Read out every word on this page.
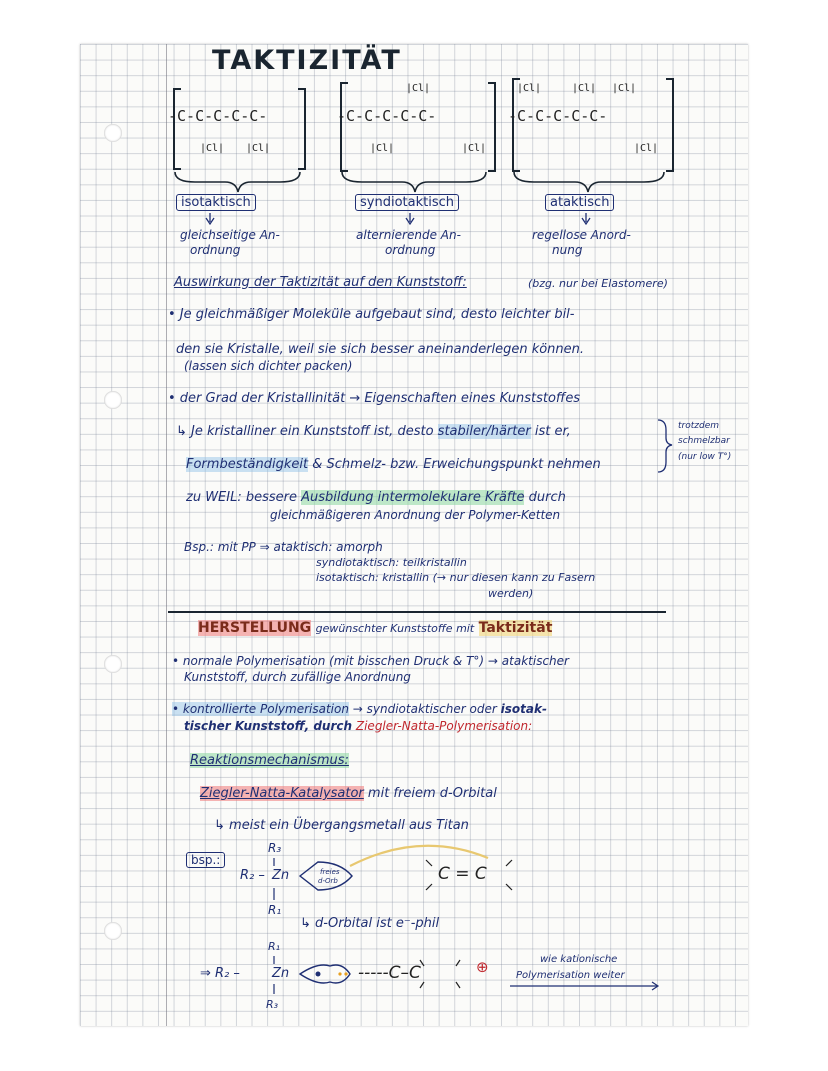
TAKTIZITÄT
-C-C-C-C-C-
|Cl| |Cl|
|Cl|
-C-C-C-C-C-
|Cl|	|Cl|
|Cl|	|Cl| |Cl|
-C-C-C-C-C-
|Cl|
isotaktisch
gleichseitige An-
ordnung
syndiotaktisch
alternierende An-
ordnung
ataktisch
regellose Anord-
nung
Auswirkung der Taktizität auf den Kunststoff:	(bzg. nur bei Elastomere)
• Je gleichmäßiger Moleküle aufgebaut sind, desto leichter bil-
den sie Kristalle, weil sie sich besser aneinanderlegen können.
(lassen sich dichter packen)
• der Grad der Kristallinität → Eigenschaften eines Kunststoffes
↳ Je kristalliner ein Kunststoff ist, desto stabiler/härter ist er,
Formbeständigkeit & Schmelz- bzw. Erweichungspunkt nehmen
trotzdem
schmelzbar
(nur low T°)
zu WEIL: bessere Ausbildung intermolekulare Kräfte durch
gleichmäßigeren Anordnung der Polymer-Ketten
Bsp.: mit PP ⇒ ataktisch: amorph
syndiotaktisch: teilkristallin
isotaktisch: kristallin (→ nur diesen kann zu Fasern
werden)
HERSTELLUNG gewünschter Kunststoffe mit Taktizität
• normale Polymerisation (mit bisschen Druck & T°) → ataktischer
Kunststoff, durch zufällige Anordnung
• kontrollierte Polymerisation → syndiotaktischer oder isotak-
tischer Kunststoff, durch Ziegler-Natta-Polymerisation:
Reaktionsmechanismus:
Ziegler-Natta-Katalysator mit freiem d-Orbital
↳ meist ein Übergangsmetall aus Titan
bsp.:
R₃
R₂ – Zn
R₁
freies
d-Orb	C = C
↳ d-Orbital ist e⁻-phil
R₁
⇒ R₂ – Zn
R₃
-----C–C	⊕	wie kationische
Polymerisation weiter
